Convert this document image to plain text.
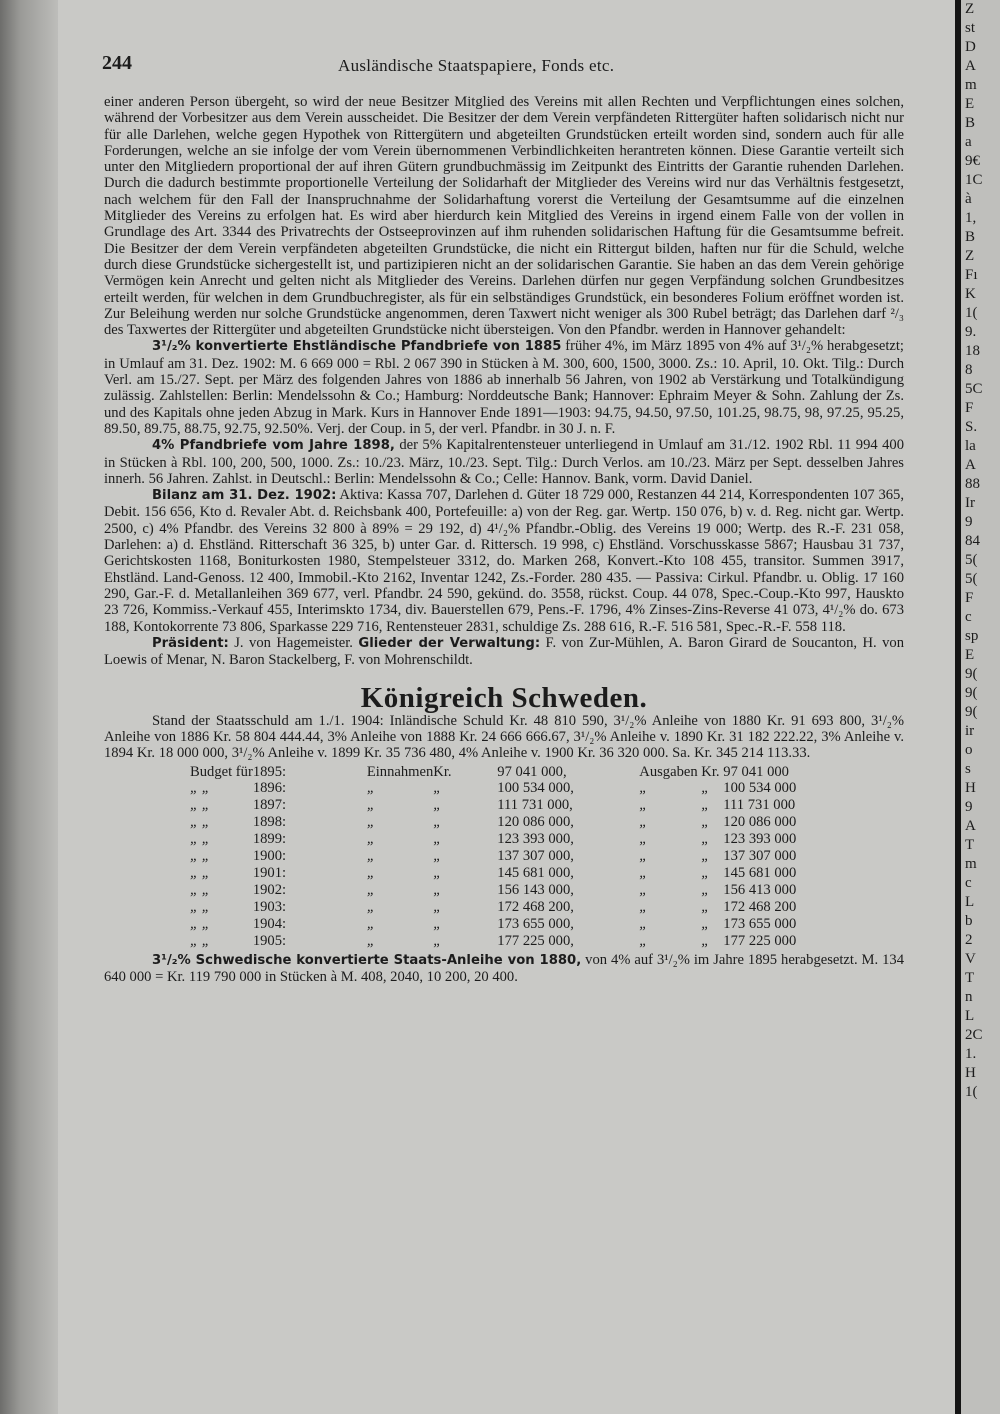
Z
st
D
A
m
E
B
a
9€
1C
à
1,
B
Z
Fı
K
1(
9.
18
8
5C
F
S.
la
A
88
Ir
9
84
5(
5(
F
c
sp
E
9(
9(
9(
ir
o
s
H
9
A
T
m
c
L
b
2
V
T
n
L
2C
1.
H
1(
244	Ausländische Staatspapiere, Fonds etc.

einer anderen Person übergeht, so wird der neue Besitzer Mitglied des Vereins mit allen Rechten und Verpflichtungen eines solchen, während der Vorbesitzer aus dem Verein ausscheidet. Die Besitzer der dem Verein verpfändeten Rittergüter haften solidarisch nicht nur für alle Darlehen, welche gegen Hypothek von Rittergütern und abgeteilten Grundstücken erteilt worden sind, sondern auch für alle Forderungen, welche an sie infolge der vom Verein übernommenen Verbindlichkeiten herantreten können. Diese Garantie verteilt sich unter den Mitgliedern proportional der auf ihren Gütern grundbuchmässig im Zeitpunkt des Eintritts der Garantie ruhenden Darlehen. Durch die dadurch bestimmte proportionelle Verteilung der Solidarhaft der Mitglieder des Vereins wird nur das Verhältnis festgesetzt, nach welchem für den Fall der Inanspruchnahme der Solidarhaftung vorerst die Verteilung der Gesamtsumme auf die einzelnen Mitglieder des Vereins zu erfolgen hat. Es wird aber hierdurch kein Mitglied des Vereins in irgend einem Falle von der vollen in Grundlage des Art. 3344 des Privatrechts der Ostseeprovinzen auf ihm ruhenden solidarischen Haftung für die Gesamtsumme befreit. Die Besitzer der dem Verein verpfändeten abgeteilten Grundstücke, die nicht ein Rittergut bilden, haften nur für die Schuld, welche durch diese Grundstücke sichergestellt ist, und partizipieren nicht an der solidarischen Garantie. Sie haben an das dem Verein gehörige Vermögen kein Anrecht und gelten nicht als Mitglieder des Vereins. Darlehen dürfen nur gegen Verpfändung solchen Grundbesitzes erteilt werden, für welchen in dem Grundbuchregister, als für ein selbständiges Grundstück, ein besonderes Folium eröffnet worden ist. Zur Beleihung werden nur solche Grundstücke angenommen, deren Taxwert nicht weniger als 300 Rubel beträgt; das Darlehen darf ²/₃ des Taxwertes der Rittergüter und abgeteilten Grundstücke nicht übersteigen. Von den Pfandbr. werden in Hannover gehandelt:

3¹/₂% konvertierte Ehstländische Pfandbriefe von 1885 früher 4%, im März 1895 von 4% auf 3¹/₂% herabgesetzt; in Umlauf am 31. Dez. 1902: M. 6 669 000 = Rbl. 2 067 390 in Stücken à M. 300, 600, 1500, 3000. Zs.: 10. April, 10. Okt. Tilg.: Durch Verl. am 15./27. Sept. per März des folgenden Jahres von 1886 ab innerhalb 56 Jahren, von 1902 ab Verstärkung und Totalkündigung zulässig. Zahlstellen: Berlin: Mendelssohn & Co.; Hamburg: Norddeutsche Bank; Hannover: Ephraim Meyer & Sohn. Zahlung der Zs. und des Kapitals ohne jeden Abzug in Mark. Kurs in Hannover Ende 1891—1903: 94.75, 94.50, 97.50, 101.25, 98.75, 98, 97.25, 95.25, 89.50, 89.75, 88.75, 92.75, 92.50%. Verj. der Coup. in 5, der verl. Pfandbr. in 30 J. n. F.

4% Pfandbriefe vom Jahre 1898, der 5% Kapitalrentensteuer unterliegend in Umlauf am 31./12. 1902 Rbl. 11 994 400 in Stücken à Rbl. 100, 200, 500, 1000. Zs.: 10./23. März, 10./23. Sept. Tilg.: Durch Verlos. am 10./23. März per Sept. desselben Jahres innerh. 56 Jahren. Zahlst. in Deutschl.: Berlin: Mendelssohn & Co.; Celle: Hannov. Bank, vorm. David Daniel.

Bilanz am 31. Dez. 1902: Aktiva: Kassa 707, Darlehen d. Güter 18 729 000, Restanzen 44 214, Korrespondenten 107 365, Debit. 156 656, Kto d. Revaler Abt. d. Reichsbank 400, Portefeuille: a) von der Reg. gar. Wertp. 150 076, b) v. d. Reg. nicht gar. Wertp. 2500, c) 4% Pfandbr. des Vereins 32 800 à 89% = 29 192, d) 4¹/₂% Pfandbr.-Oblig. des Vereins 19 000; Wertp. des R.-F. 231 058, Darlehen: a) d. Ehstländ. Ritterschaft 36 325, b) unter Gar. d. Rittersch. 19 998, c) Ehstländ. Vorschusskasse 5867; Hausbau 31 737, Gerichtskosten 1168, Boniturkosten 1980, Stempelsteuer 3312, do. Marken 268, Konvert.-Kto 108 455, transitor. Summen 3917, Ehstländ. Land-Genoss. 12 400, Immobil.-Kto 2162, Inventar 1242, Zs.-Forder. 280 435. — Passiva: Cirkul. Pfandbr. u. Oblig. 17 160 290, Gar.-F. d. Metallanleihen 369 677, verl. Pfandbr. 24 590, gekünd. do. 3558, rückst. Coup. 44 078, Spec.-Coup.-Kto 997, Hauskto 23 726, Kommiss.-Verkauf 455, Interimskto 1734, div. Bauerstellen 679, Pens.-F. 1796, 4% Zinses-Zins-Reverse 41 073, 4¹/₂% do. 673 188, Kontokorrente 73 806, Sparkasse 229 716, Rentensteuer 2831, schuldige Zs. 288 616, R.-F. 516 581, Spec.-R.-F. 558 118.

Präsident: J. von Hagemeister. Glieder der Verwaltung: F. von Zur-Mühlen, A. Baron Girard de Soucanton, H. von Loewis of Menar, N. Baron Stackelberg, F. von Mohrenschildt.

Königreich Schweden.

Stand der Staatsschuld am 1./1. 1904: Inländische Schuld Kr. 48 810 590, 3¹/₂% Anleihe von 1880 Kr. 91 693 800, 3¹/₂% Anleihe von 1886 Kr. 58 804 444.44, 3% Anleihe von 1888 Kr. 24 666 666.67, 3¹/₂% Anleihe v. 1890 Kr. 31 182 222.22, 3% Anleihe v. 1894 Kr. 18 000 000, 3¹/₂% Anleihe v. 1899 Kr. 35 736 480, 4% Anleihe v. 1900 Kr. 36 320 000. Sa. Kr. 345 214 113.33.

Budget für	1895:	Einnahmen	Kr.	97 041 000,	Ausgaben	Kr.	97 041 000
„ „	1896:	„	„	100 534 000,	„	„	100 534 000
„ „	1897:	„	„	111 731 000,	„	„	111 731 000
„ „	1898:	„	„	120 086 000,	„	„	120 086 000
„ „	1899:	„	„	123 393 000,	„	„	123 393 000
„ „	1900:	„	„	137 307 000,	„	„	137 307 000
„ „	1901:	„	„	145 681 000,	„	„	145 681 000
„ „	1902:	„	„	156 143 000,	„	„	156 413 000
„ „	1903:	„	„	172 468 200,	„	„	172 468 200
„ „	1904:	„	„	173 655 000,	„	„	173 655 000
„ „	1905:	„	„	177 225 000,	„	„	177 225 000

3¹/₂% Schwedische konvertierte Staats-Anleihe von 1880, von 4% auf 3¹/₂% im Jahre 1895 herabgesetzt. M. 134 640 000 = Kr. 119 790 000 in Stücken à M. 408, 2040, 10 200, 20 400.
